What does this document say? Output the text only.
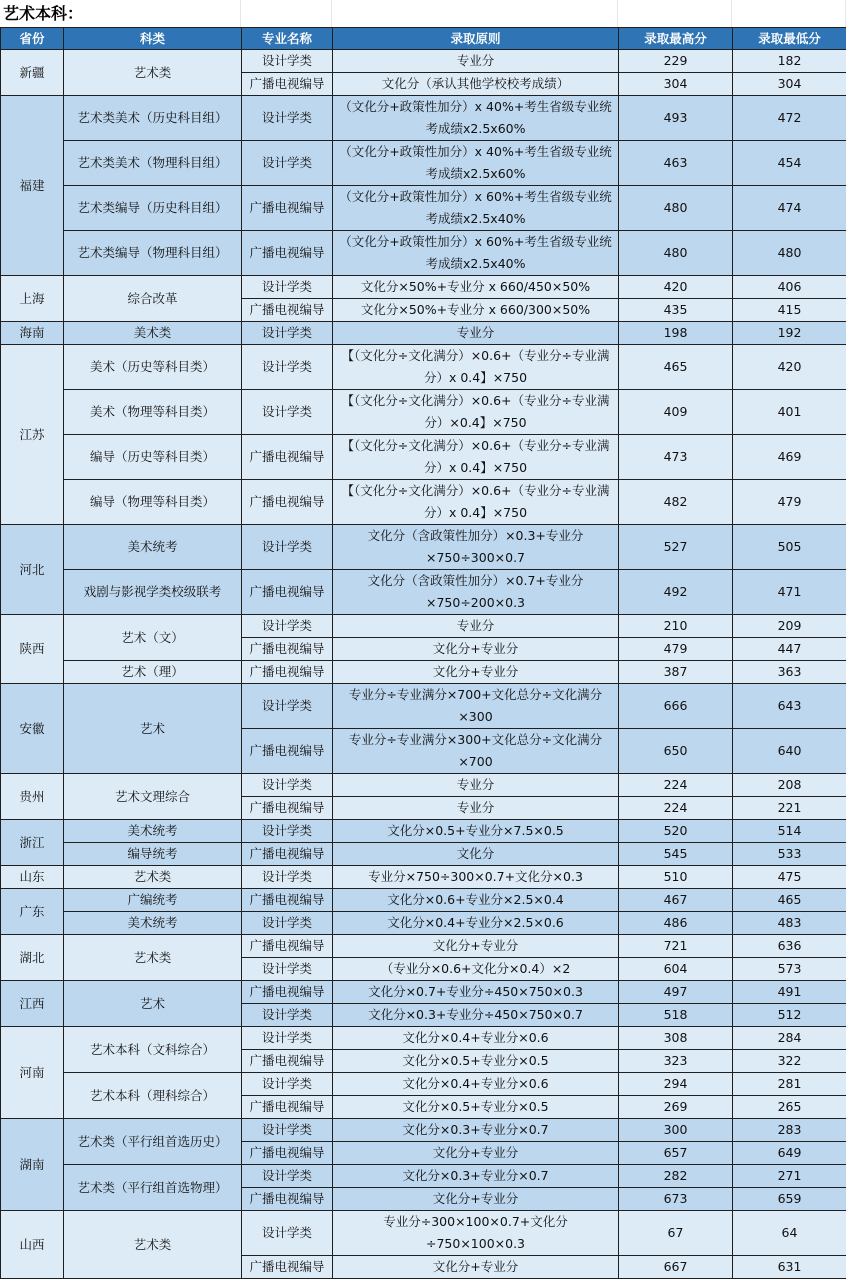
艺术本科：
省份	科类	专业名称	录取原则	录取最高分	录取最低分
新疆	艺术类	设计学类	专业分	229	182
		广播电视编导	文化分（承认其他学校校考成绩）	304	304
福建	艺术类美术（历史科目组）	设计学类	（文化分+政策性加分）x 40%+考生省级专业统考成绩x2.5x60%	493	472
	艺术类美术（物理科目组）	设计学类	（文化分+政策性加分）x 40%+考生省级专业统考成绩x2.5x60%	463	454
	艺术类编导（历史科目组）	广播电视编导	（文化分+政策性加分）x 60%+考生省级专业统考成绩x2.5x40%	480	474
	艺术类编导（物理科目组）	广播电视编导	（文化分+政策性加分）x 60%+考生省级专业统考成绩x2.5x40%	480	480
上海	综合改革	设计学类	文化分×50%+专业分 x 660/450×50%	420	406
		广播电视编导	文化分×50%+专业分 x 660/300×50%	435	415
海南	美术类	设计学类	专业分	198	192
江苏	美术（历史等科目类）	设计学类	【（文化分÷文化满分）×0.6+（专业分÷专业满分）x 0.4】×750	465	420
	美术（物理等科目类）	设计学类	【（文化分÷文化满分）×0.6+（专业分÷专业满分）×0.4】×750	409	401
	编导（历史等科目类）	广播电视编导	【（文化分÷文化满分）×0.6+（专业分÷专业满分）x 0.4】×750	473	469
	编导（物理等科目类）	广播电视编导	【（文化分÷文化满分）×0.6+（专业分÷专业满分）x 0.4】×750	482	479
河北	美术统考	设计学类	文化分（含政策性加分）×0.3+专业分×750÷300×0.7	527	505
	戏剧与影视学类校级联考	广播电视编导	文化分（含政策性加分）×0.7+专业分×750÷200×0.3	492	471
陕西	艺术（文）	设计学类	专业分	210	209
		广播电视编导	文化分+专业分	479	447
	艺术（理）	广播电视编导	文化分+专业分	387	363
安徽	艺术	设计学类	专业分÷专业满分×700+文化总分÷文化满分×300	666	643
		广播电视编导	专业分÷专业满分×300+文化总分÷文化满分×700	650	640
贵州	艺术文理综合	设计学类	专业分	224	208
		广播电视编导	专业分	224	221
浙江	美术统考	设计学类	文化分×0.5+专业分×7.5×0.5	520	514
	编导统考	广播电视编导	文化分	545	533
山东	艺术类	设计学类	专业分×750÷300×0.7+文化分×0.3	510	475
广东	广编统考	广播电视编导	文化分×0.6+专业分×2.5×0.4	467	465
	美术统考	设计学类	文化分×0.4+专业分×2.5×0.6	486	483
湖北	艺术类	广播电视编导	文化分+专业分	721	636
		设计学类	（专业分×0.6+文化分×0.4）×2	604	573
江西	艺术	广播电视编导	文化分×0.7+专业分÷450×750×0.3	497	491
		设计学类	文化分×0.3+专业分÷450×750×0.7	518	512
河南	艺术本科（文科综合）	设计学类	文化分×0.4+专业分×0.6	308	284
		广播电视编导	文化分×0.5+专业分×0.5	323	322
	艺术本科（理科综合）	设计学类	文化分×0.4+专业分×0.6	294	281
		广播电视编导	文化分×0.5+专业分×0.5	269	265
湖南	艺术类（平行组首选历史）	设计学类	文化分×0.3+专业分×0.7	300	283
		广播电视编导	文化分+专业分	657	649
	艺术类（平行组首选物理）	设计学类	文化分×0.3+专业分×0.7	282	271
		广播电视编导	文化分+专业分	673	659
山西	艺术类	设计学类	专业分÷300×100×0.7+文化分÷750×100×0.3	67	64
		广播电视编导	文化分+专业分	667	631
